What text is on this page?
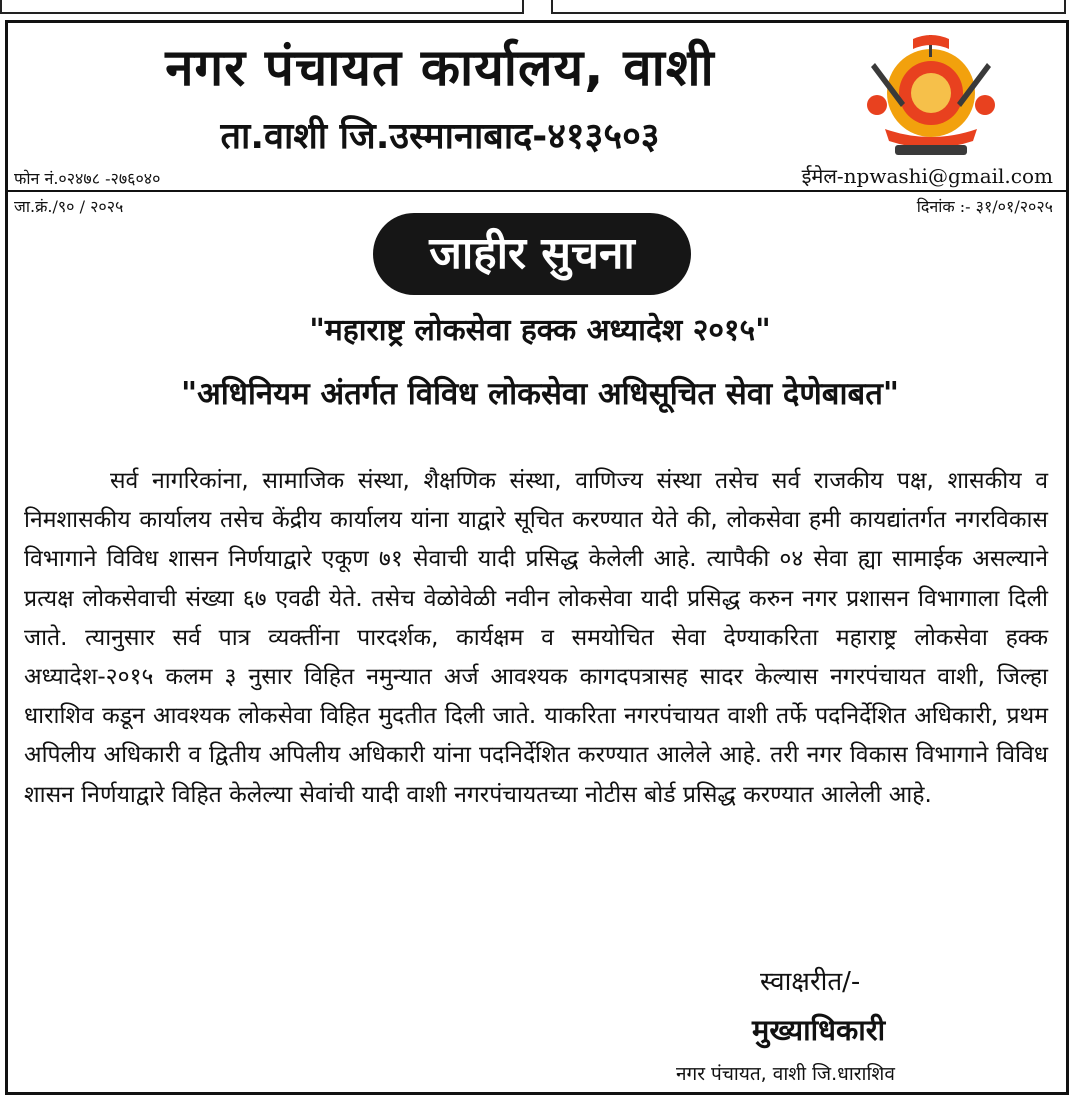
नगर पंचायत कार्यालय, वाशी
ता.वाशी जि.उस्मानाबाद-४१३५०३
फोन नं.०२४७८ -२७६०४०	ईमेल-npwashi@gmail.com
जा.क्रं./९० / २०२५	दिनांक :- ३१/०१/२०२५
जाहीर सुचना
"महाराष्ट्र लोकसेवा हक्क अध्यादेश २०१५"
"अधिनियम अंतर्गत विविध लोकसेवा अधिसूचित सेवा देणेबाबत"

सर्व नागरिकांना, सामाजिक संस्था, शैक्षणिक संस्था, वाणिज्य संस्था तसेच सर्व राजकीय पक्ष, शासकीय व निमशासकीय कार्यालय तसेच केंद्रीय कार्यालय यांना याद्वारे सूचित करण्यात येते की, लोकसेवा हमी कायद्यांतर्गत नगरविकास विभागाने विविध शासन निर्णयाद्वारे एकूण ७१ सेवाची यादी प्रसिद्ध केलेली आहे. त्यापैकी ०४ सेवा ह्या सामाईक असल्याने प्रत्यक्ष लोकसेवाची संख्या ६७ एवढी येते. तसेच वेळोवेळी नवीन लोकसेवा यादी प्रसिद्ध करुन नगर प्रशासन विभागाला दिली जाते. त्यानुसार सर्व पात्र व्यक्तींना पारदर्शक, कार्यक्षम व समयोचित सेवा देण्याकरिता महाराष्ट्र लोकसेवा हक्क अध्यादेश-२०१५ कलम ३ नुसार विहित नमुन्यात अर्ज आवश्यक कागदपत्रासह सादर केल्यास नगरपंचायत वाशी, जिल्हा धाराशिव कडून आवश्यक लोकसेवा विहित मुदतीत दिली जाते. याकरिता नगरपंचायत वाशी तर्फे पदनिर्देशित अधिकारी, प्रथम अपिलीय अधिकारी व द्वितीय अपिलीय अधिकारी यांना पदनिर्देशित करण्यात आलेले आहे. तरी नगर विकास विभागाने विविध शासन निर्णयाद्वारे विहित केलेल्या सेवांची यादी वाशी नगरपंचायतच्या नोटीस बोर्ड प्रसिद्ध करण्यात आलेली आहे.

स्वाक्षरीत/-
मुख्याधिकारी
नगर पंचायत, वाशी जि.धाराशिव
